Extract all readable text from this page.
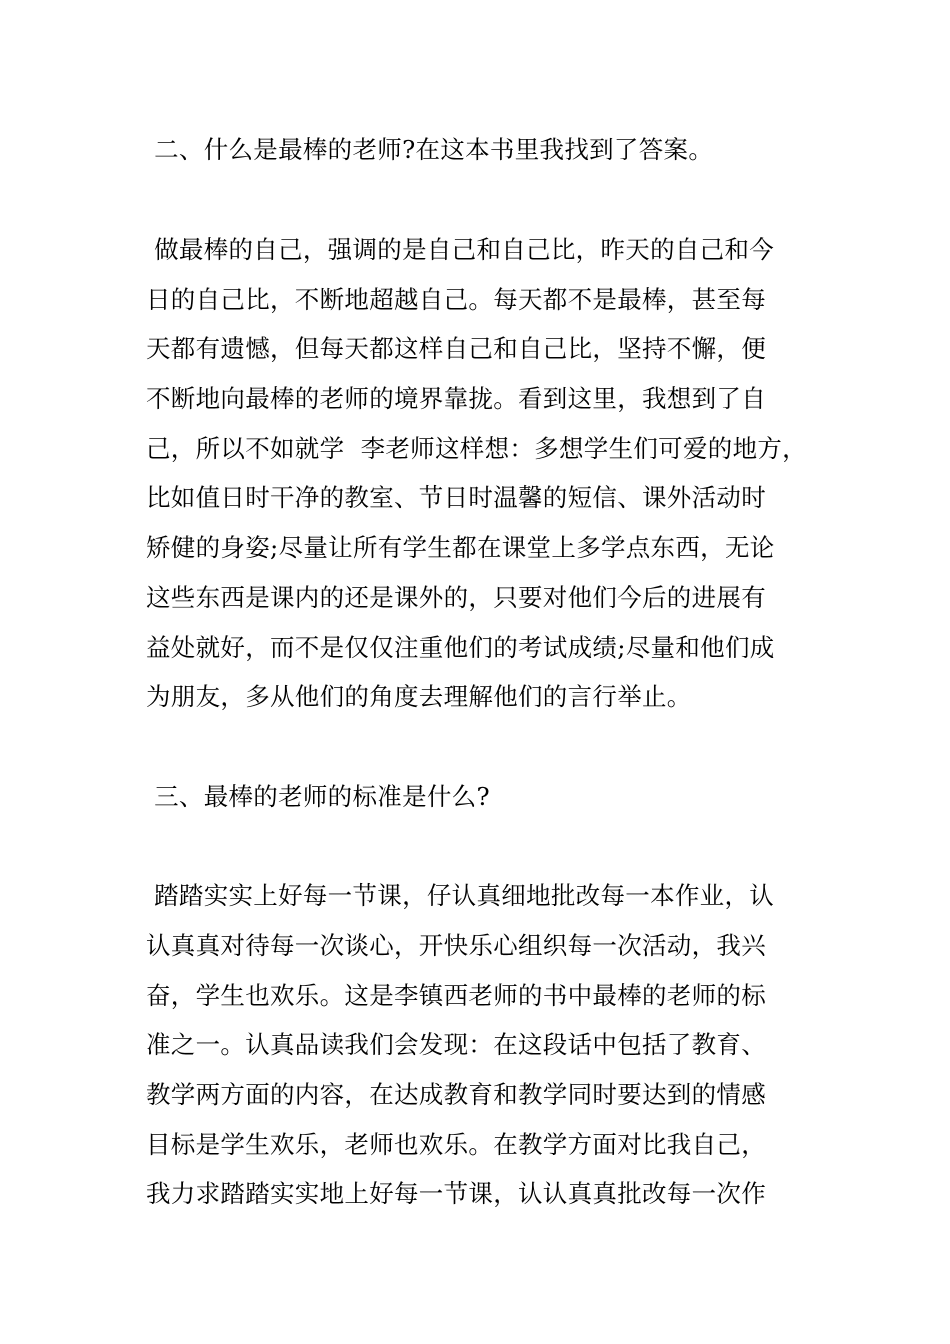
二、什么是最棒的老师?在这本书里我找到了答案。
做最棒的自己，强调的是自己和自己比，昨天的自己和今
日的自己比，不断地超越自己。每天都不是最棒，甚至每
天都有遗憾，但每天都这样自己和自己比，坚持不懈，便
不断地向最棒的老师的境界靠拢。看到这里，我想到了自
己，所以不如就学  李老师这样想：多想学生们可爱的地方，
比如值日时干净的教室、节日时温馨的短信、课外活动时
矫健的身姿;尽量让所有学生都在课堂上多学点东西，无论
这些东西是课内的还是课外的，只要对他们今后的进展有
益处就好，而不是仅仅注重他们的考试成绩;尽量和他们成
为朋友，多从他们的角度去理解他们的言行举止。
三、最棒的老师的标准是什么?
踏踏实实上好每一节课，仔认真细地批改每一本作业，认
认真真对待每一次谈心，开快乐心组织每一次活动，我兴
奋，学生也欢乐。这是李镇西老师的书中最棒的老师的标
准之一。认真品读我们会发现：在这段话中包括了教育、
教学两方面的内容，在达成教育和教学同时要达到的情感
目标是学生欢乐，老师也欢乐。在教学方面对比我自己，
我力求踏踏实实地上好每一节课，认认真真批改每一次作
